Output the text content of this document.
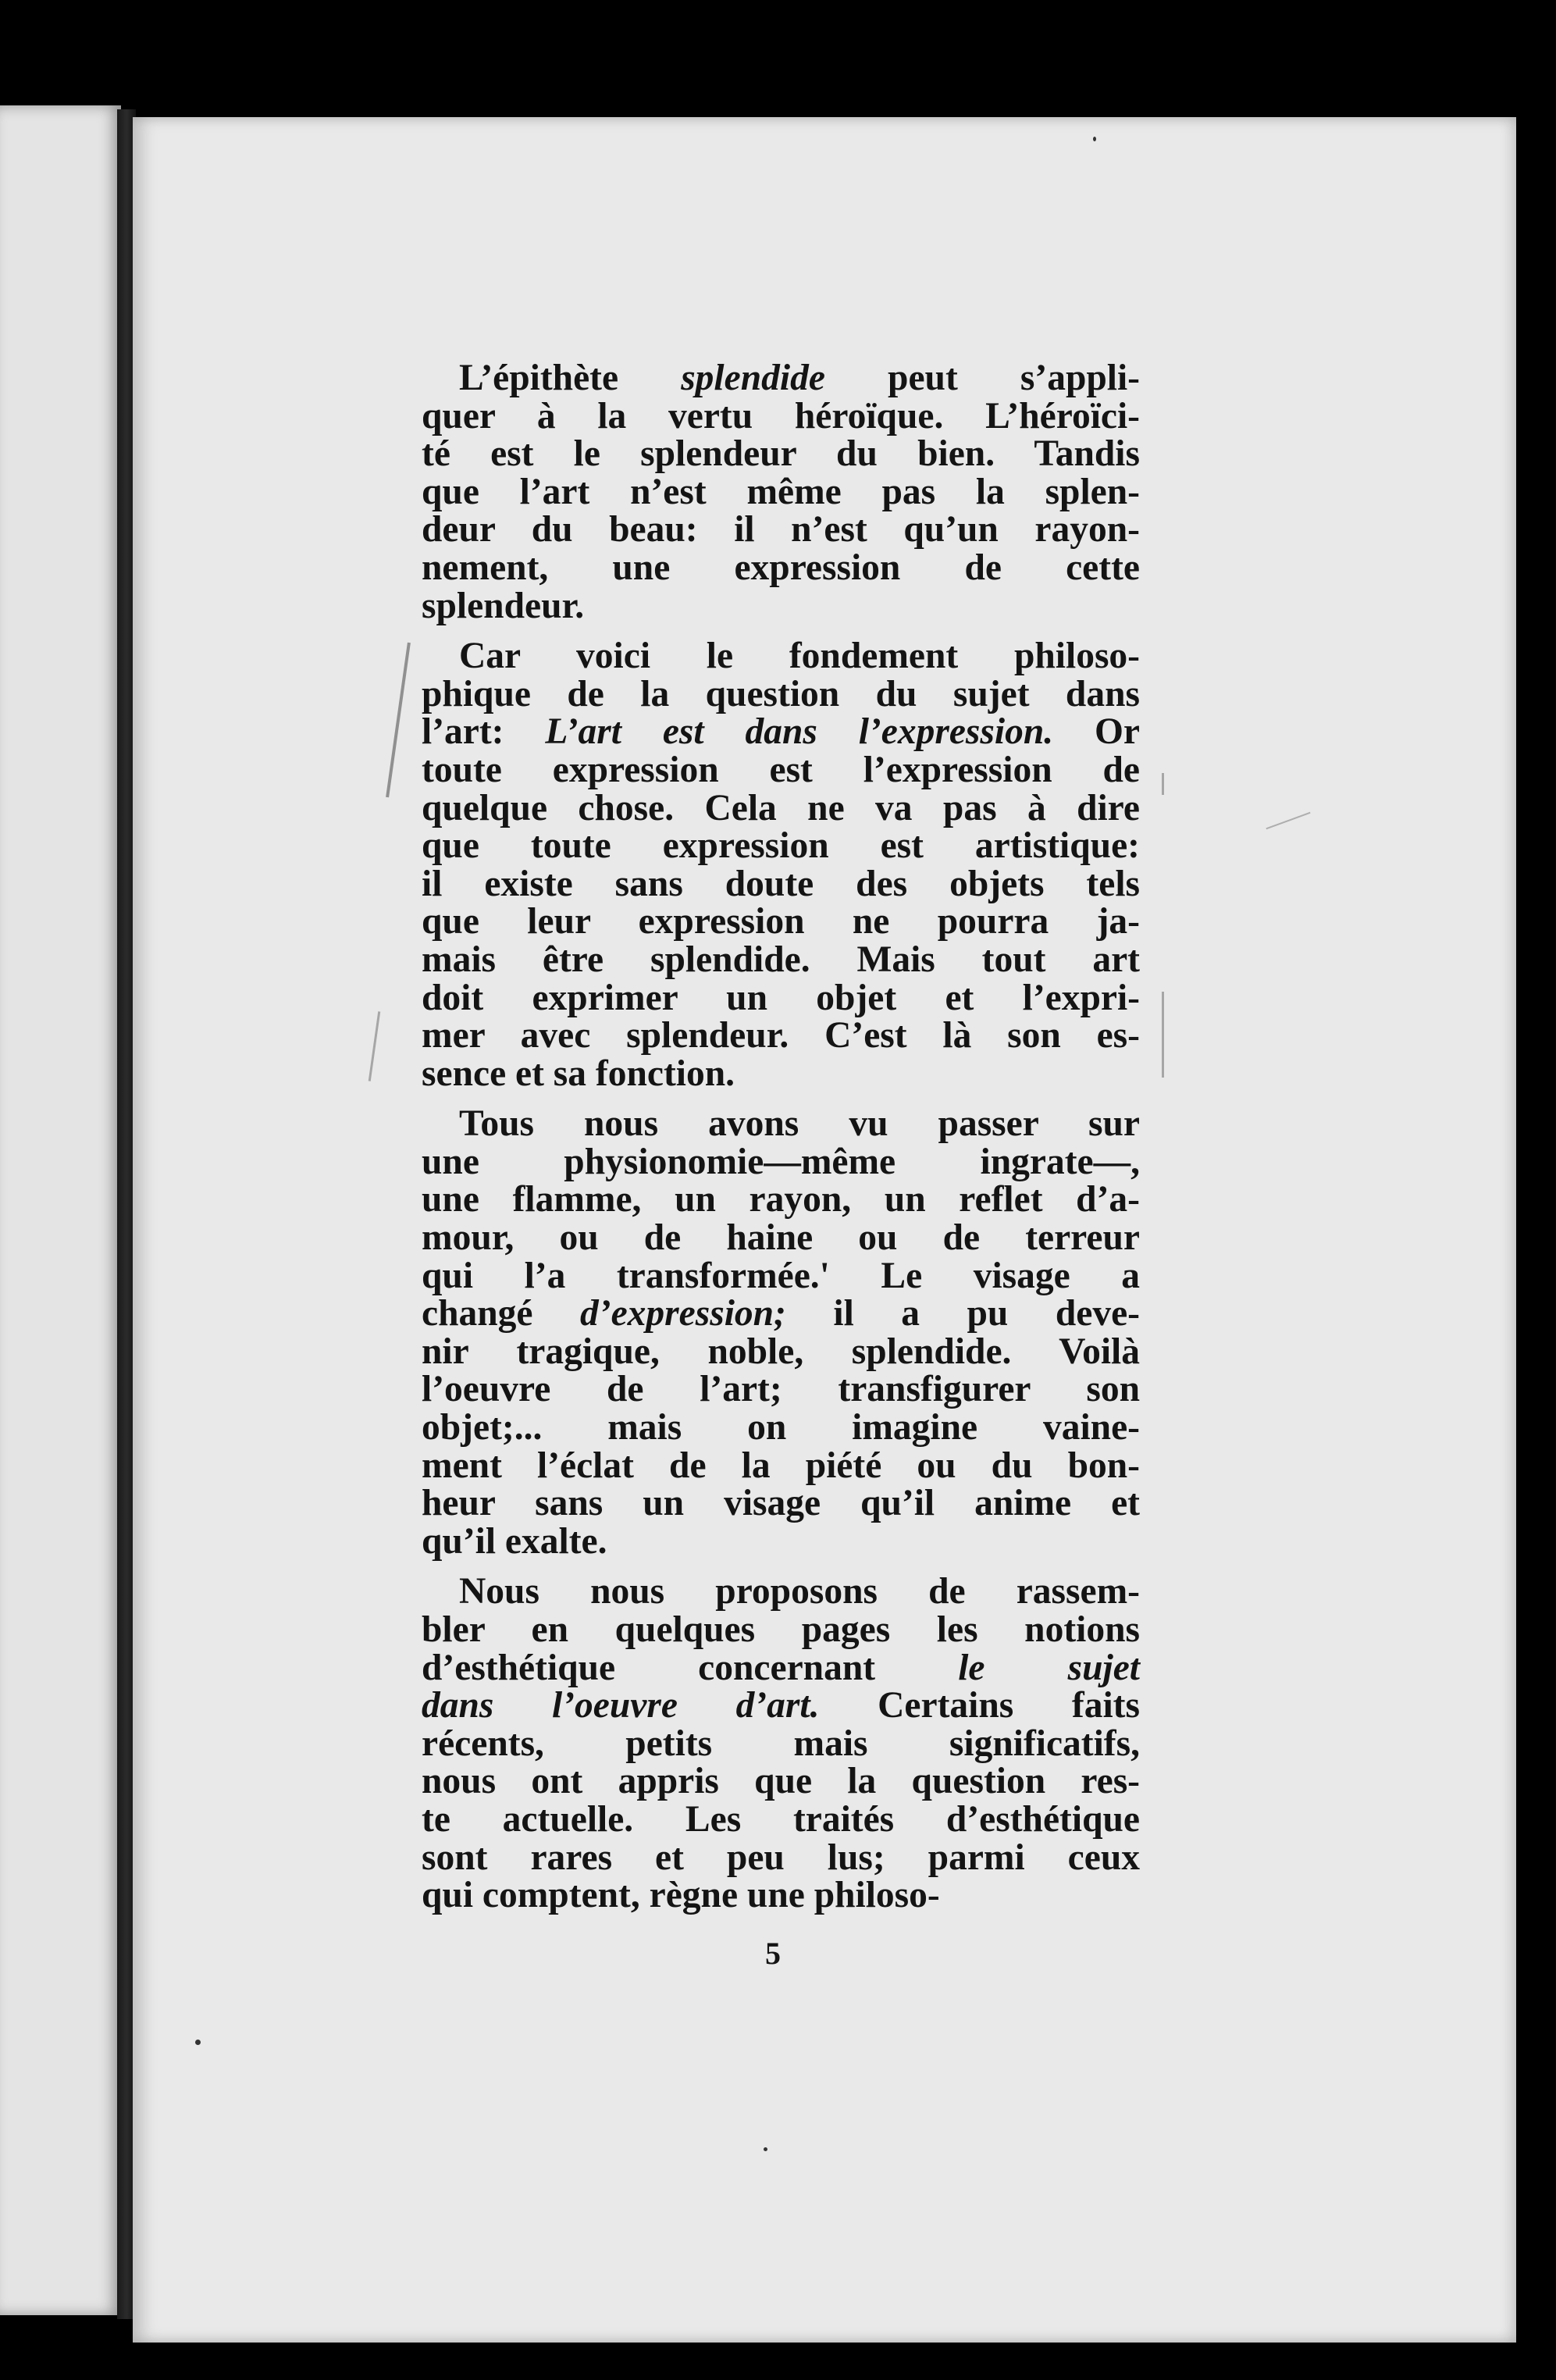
L’épithète splendide peut s’appli-
quer à la vertu héroïque. L’héroïci-
té est le splendeur du bien. Tandis
que l’art n’est même pas la splen-
deur du beau: il n’est qu’un rayon-
nement, une expression de cette
splendeur.
Car voici le fondement philoso-
phique de la question du sujet dans
l’art: L’art est dans l’expression. Or
toute expression est l’expression de
quelque chose. Cela ne va pas à dire
que toute expression est artistique:
il existe sans doute des objets tels
que leur expression ne pourra ja-
mais être splendide. Mais tout art
doit exprimer un objet et l’expri-
mer avec splendeur. C’est là son es-
sence et sa fonction.
Tous nous avons vu passer sur
une physionomie—même ingrate—,
une flamme, un rayon, un reflet d’a-
mour, ou de haine ou de terreur
qui l’a transformée.' Le visage a
changé d’expression; il a pu deve-
nir tragique, noble, splendide. Voilà
l’oeuvre de l’art; transfigurer son
objet;... mais on imagine vaine-
ment l’éclat de la piété ou du bon-
heur sans un visage qu’il anime et
qu’il exalte.
Nous nous proposons de rassem-
bler en quelques pages les notions
d’esthétique concernant le sujet
dans l’oeuvre d’art. Certains faits
récents, petits mais significatifs,
nous ont appris que la question res-
te actuelle. Les traités d’esthétique
sont rares et peu lus; parmi ceux
qui comptent, règne une philoso-
5
